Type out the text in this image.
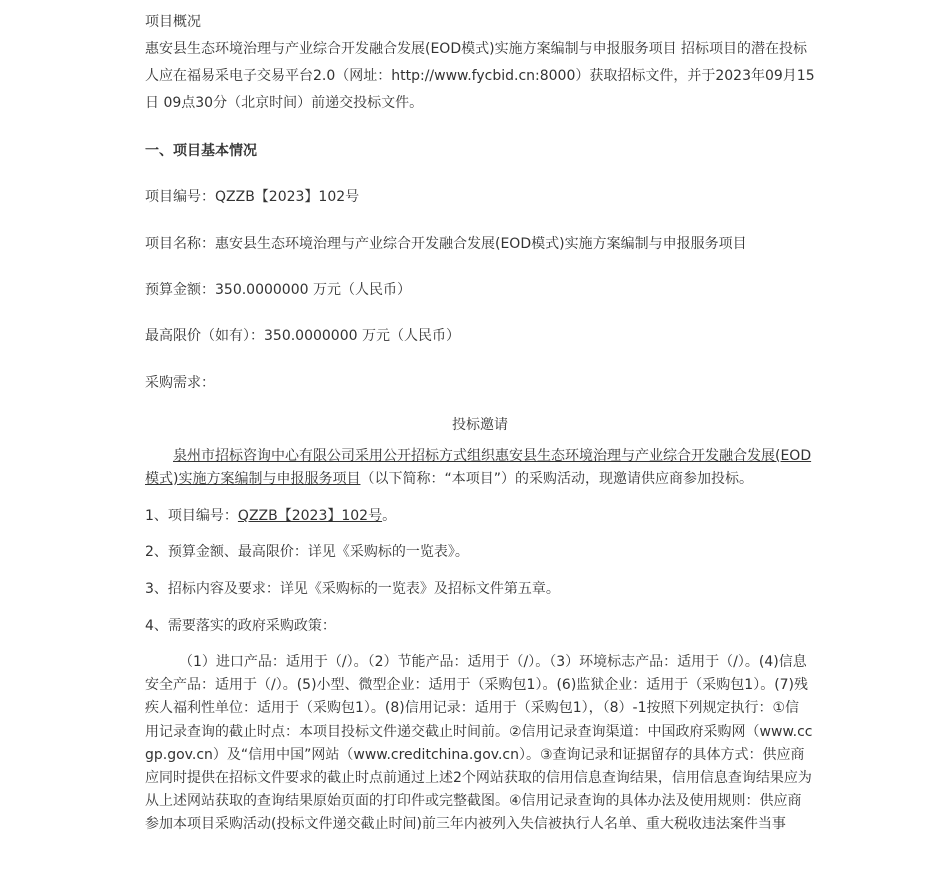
项目概况
惠安县生态环境治理与产业综合开发融合发展(EOD模式)实施方案编制与申报服务项目 招标项目的潜在投标人应在福易采电子交易平台2.0（网址：http://www.fycbid.cn:8000）获取招标文件，并于2023年09月15日 09点30分（北京时间）前递交投标文件。
一、项目基本情况
项目编号：QZZB【2023】102号
项目名称：惠安县生态环境治理与产业综合开发融合发展(EOD模式)实施方案编制与申报服务项目
预算金额：350.0000000 万元（人民币）
最高限价（如有）：350.0000000 万元（人民币）
采购需求：
投标邀请
泉州市招标咨询中心有限公司采用公开招标方式组织惠安县生态环境治理与产业综合开发融合发展(EOD模式)实施方案编制与申报服务项目（以下简称：“本项目”）的采购活动，现邀请供应商参加投标。
1、项目编号：QZZB【2023】102号。
2、预算金额、最高限价：详见《采购标的一览表》。
3、招标内容及要求：详见《采购标的一览表》及招标文件第五章。
4、需要落实的政府采购政策：
（1）进口产品：适用于（/）。（2）节能产品：适用于（/）。（3）环境标志产品：适用于（/）。(4)信息安全产品：适用于（/）。(5)小型、微型企业：适用于（采购包1）。(6)监狱企业：适用于（采购包1）。(7)残疾人福利性单位：适用于（采购包1）。(8)信用记录：适用于（采购包1），（8）-1按照下列规定执行：①信用记录查询的截止时点：本项目投标文件递交截止时间前。②信用记录查询渠道：中国政府采购网（www.ccgp.gov.cn）及“信用中国”网站（www.creditchina.gov.cn）。③查询记录和证据留存的具体方式：供应商应同时提供在招标文件要求的截止时点前通过上述2个网站获取的信用信息查询结果，信用信息查询结果应为从上述网站获取的查询结果原始页面的打印件或完整截图。④信用记录查询的具体办法及使用规则：供应商参加本项目采购活动(投标文件递交截止时间)前三年内被列入失信被执行人名单、重大税收违法案件当事
